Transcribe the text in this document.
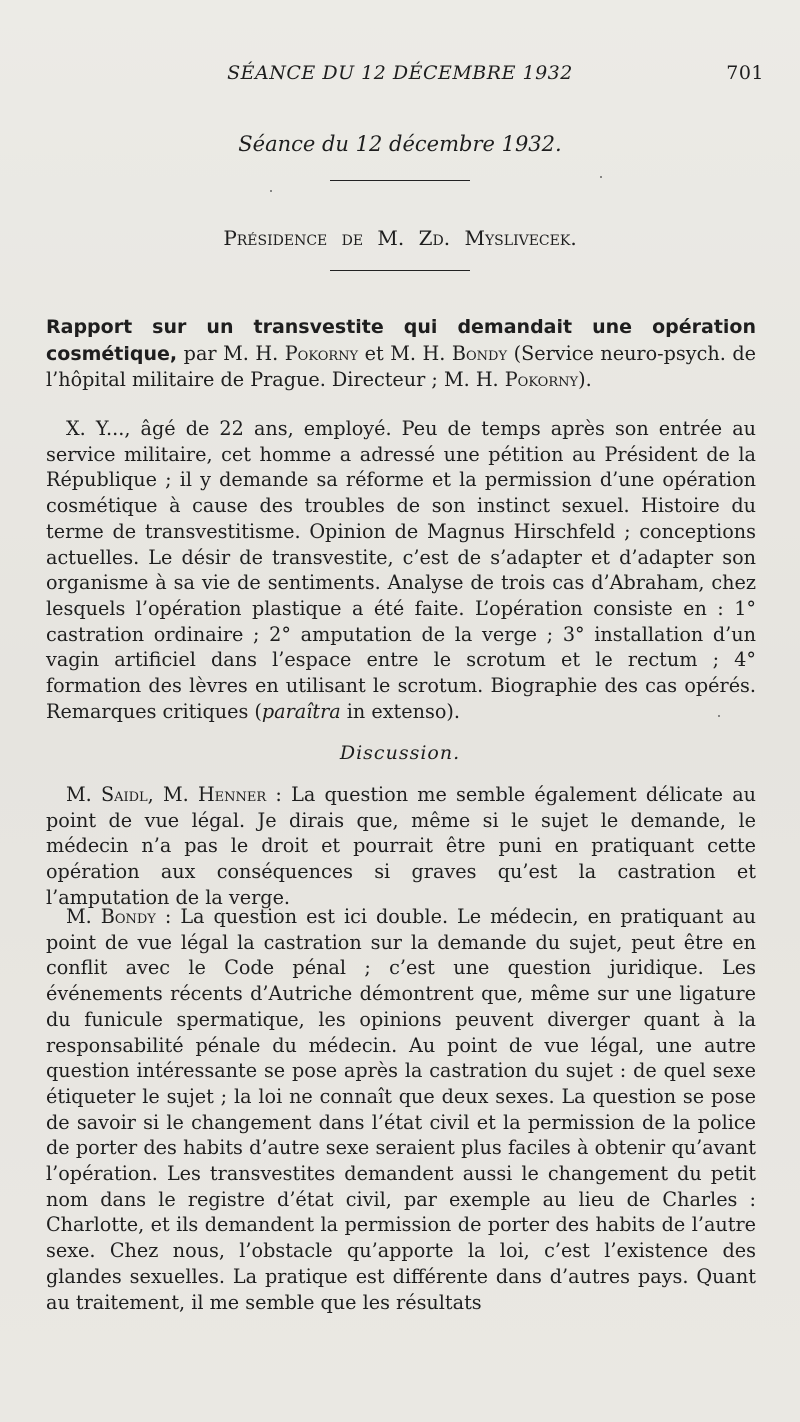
SÉANCE DU 12 DÉCEMBRE 1932	701
Séance du 12 décembre 1932.
Présidence de M. Zd. Myslivecek.

Rapport sur un transvestite qui demandait une opération cosmétique, par M. H. Pokorny et M. H. Bondy (Service neuro-psych. de l’hôpital militaire de Prague. Directeur ; M. H. Pokorny).

X. Y..., âgé de 22 ans, employé. Peu de temps après son entrée au service militaire, cet homme a adressé une pétition au Président de la République ; il y demande sa réforme et la permission d’une opération cosmétique à cause des troubles de son instinct sexuel. Histoire du terme de transvestitisme. Opinion de Magnus Hirschfeld ; conceptions actuelles. Le désir de transvestite, c’est de s’adapter et d’adapter son organisme à sa vie de sentiments. Analyse de trois cas d’Abraham, chez lesquels l’opération plastique a été faite. L’opération consiste en : 1° castration ordinaire ; 2° amputation de la verge ; 3° installation d’un vagin artificiel dans l’espace entre le scrotum et le rectum ; 4° formation des lèvres en utilisant le scrotum. Biographie des cas opérés. Remarques critiques (paraîtra in extenso).

Discussion.

M. Saidl, M. Henner : La question me semble également délicate au point de vue légal. Je dirais que, même si le sujet le demande, le médecin n’a pas le droit et pourrait être puni en pratiquant cette opération aux conséquences si graves qu’est la castration et l’amputation de la verge.

M. Bondy : La question est ici double. Le médecin, en pratiquant au point de vue légal la castration sur la demande du sujet, peut être en conflit avec le Code pénal ; c’est une question juridique. Les événements récents d’Autriche démontrent que, même sur une ligature du funicule spermatique, les opinions peuvent diverger quant à la responsabilité pénale du médecin. Au point de vue légal, une autre question intéressante se pose après la castration du sujet : de quel sexe étiqueter le sujet ; la loi ne connaît que deux sexes. La question se pose de savoir si le changement dans l’état civil et la permission de la police de porter des habits d’autre sexe seraient plus faciles à obtenir qu’avant l’opération. Les transvestites demandent aussi le changement du petit nom dans le registre d’état civil, par exemple au lieu de Charles : Charlotte, et ils demandent la permission de porter des habits de l’autre sexe. Chez nous, l’obstacle qu’apporte la loi, c’est l’existence des glandes sexuelles. La pratique est différente dans d’autres pays. Quant au traitement, il me semble que les résultats
